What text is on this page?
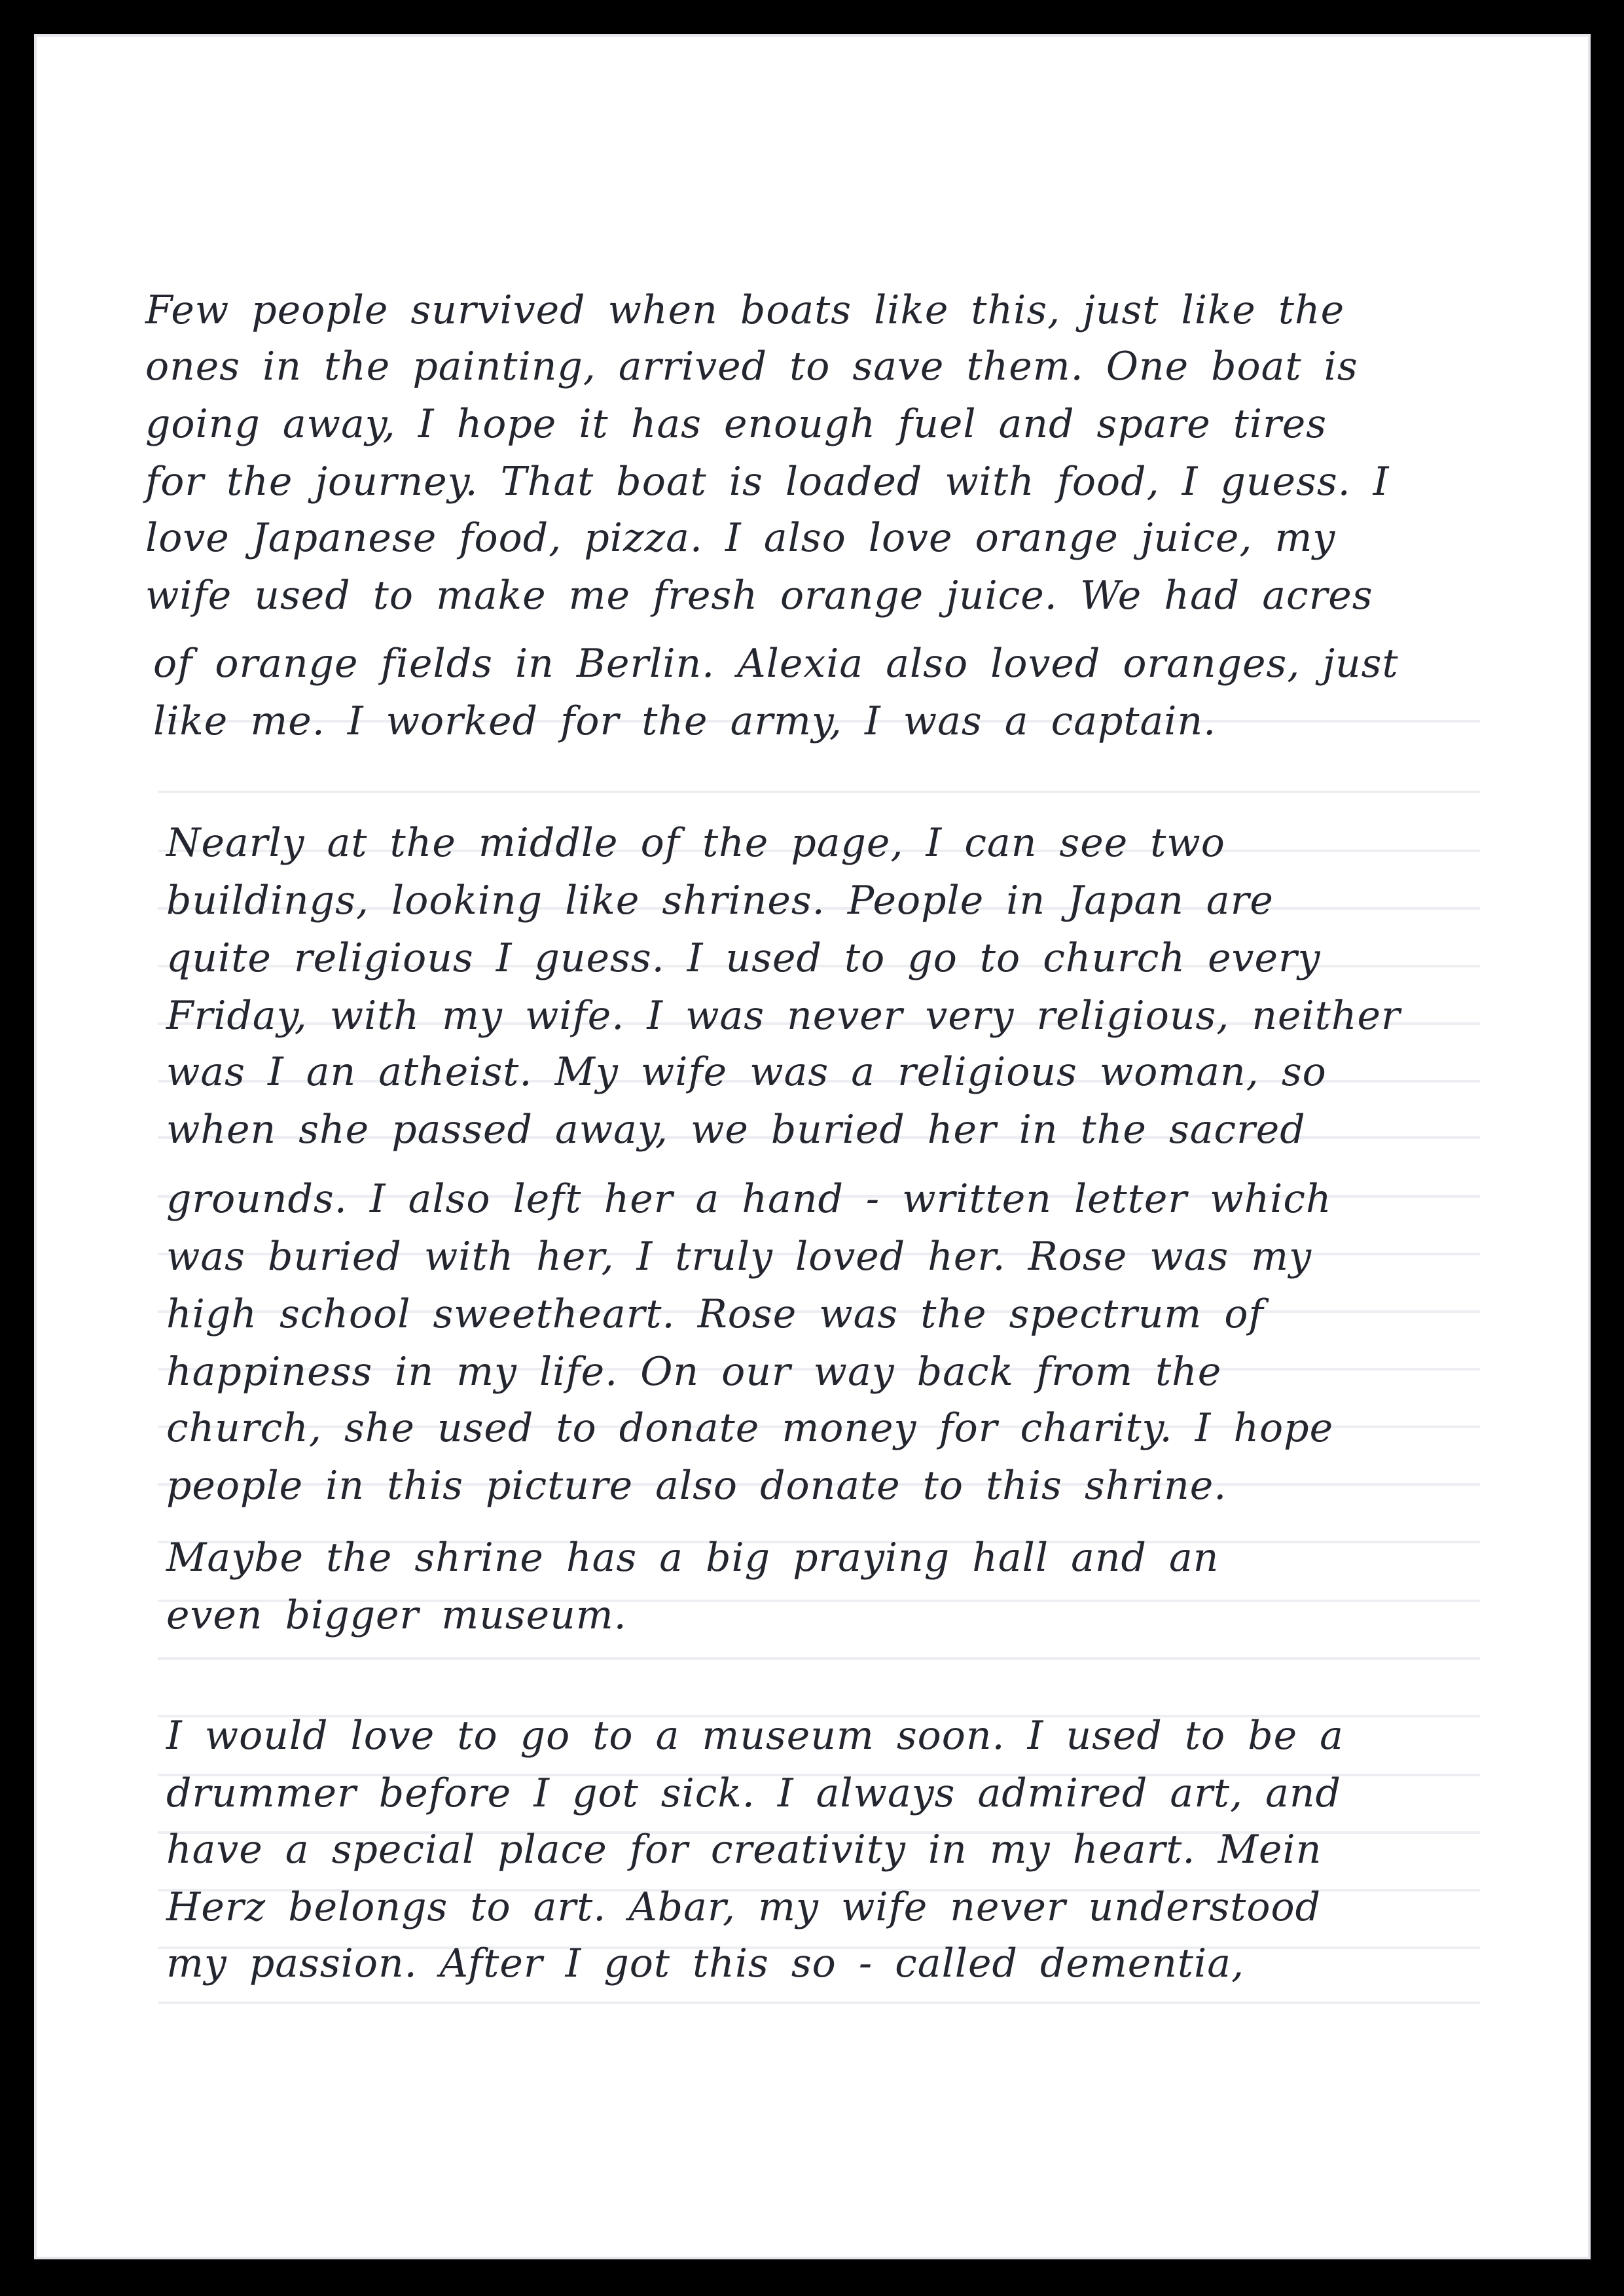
Few people survived when boats like this, just like the
ones in the painting, arrived to save them. One boat is
going away, I hope it has enough fuel and spare tires
for the journey. That boat is loaded with food, I guess. I
love Japanese food, pizza. I also love orange juice, my
wife used to make me fresh orange juice. We had acres
of orange fields in Berlin. Alexia also loved oranges, just
like me. I worked for the army, I was a captain.
Nearly at the middle of the page, I can see two
buildings, looking like shrines. People in Japan are
quite religious I guess. I used to go to church every
Friday, with my wife. I was never very religious, neither
was I an atheist. My wife was a religious woman, so
when she passed away, we buried her in the sacred
grounds. I also left her a hand - written letter which
was buried with her, I truly loved her. Rose was my
high school sweetheart. Rose was the spectrum of
happiness in my life. On our way back from the
church, she used to donate money for charity. I hope
people in this picture also donate to this shrine.
Maybe the shrine has a big praying hall and an
even bigger museum.
I would love to go to a museum soon. I used to be a
drummer before I got sick. I always admired art, and
have a special place for creativity in my heart. Mein
Herz belongs to art. Abar, my wife never understood
my passion. After I got this so - called dementia,
